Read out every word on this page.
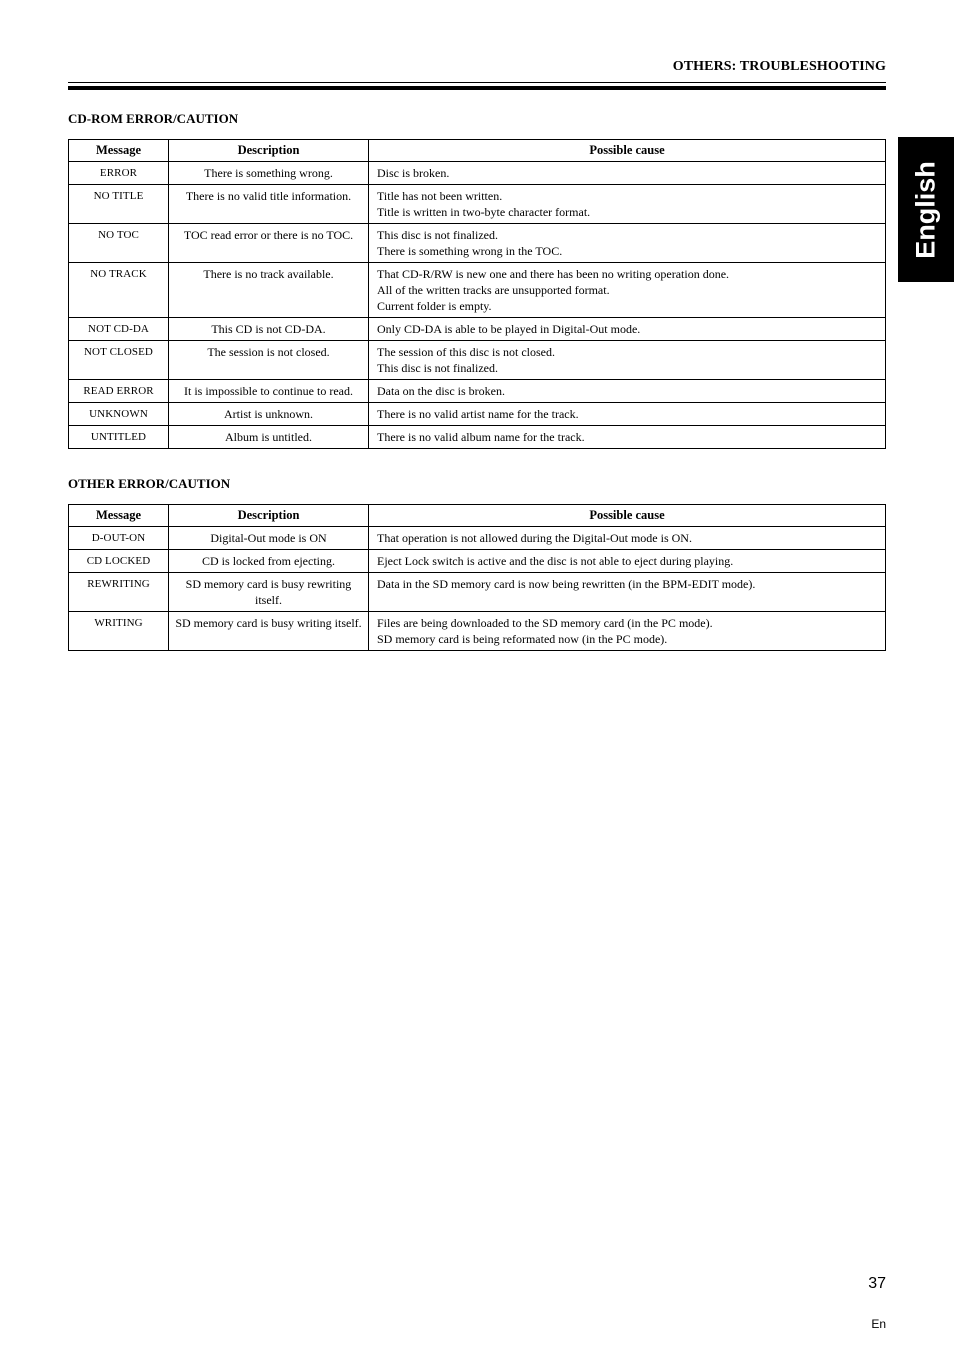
OTHERS: TROUBLESHOOTING
English
CD-ROM ERROR/CAUTION
Message	Description	Possible cause
ERROR	There is something wrong.	Disc is broken.

NO TITLE	There is no valid title information.	Title has not been written.
Title is written in two-byte character format.

NO TOC	TOC read error or there is no TOC.	This disc is not finalized.
There is something wrong in the TOC.

NO TRACK	There is no track available.	That CD-R/RW is new one and there has been no writing operation done.
All of the written tracks are unsupported format.
Current folder is empty.

NOT CD-DA	This CD is not CD-DA.	Only CD-DA is able to be played in Digital-Out mode.

NOT CLOSED	The session is not closed.	The session of this disc is not closed.
This disc is not finalized.

READ ERROR	It is impossible to continue to read.	Data on the disc is broken.

UNKNOWN	Artist is unknown.	There is no valid artist name for the track.

UNTITLED	Album is untitled.	There is no valid album name for the track.
OTHER ERROR/CAUTION
Message	Description	Possible cause
D-OUT-ON	Digital-Out mode is ON	That operation is not allowed during the Digital-Out mode is ON.

CD LOCKED	CD is locked from ejecting.	Eject Lock switch is active and the disc is not able to eject during playing.

REWRITING	SD memory card is busy rewriting itself.	Data in the SD memory card is now being rewritten (in the BPM-EDIT mode).

WRITING	SD memory card is busy writing itself.	Files are being downloaded to the SD memory card (in the PC mode).
SD memory card is being reformated now (in the PC mode).
37
En
